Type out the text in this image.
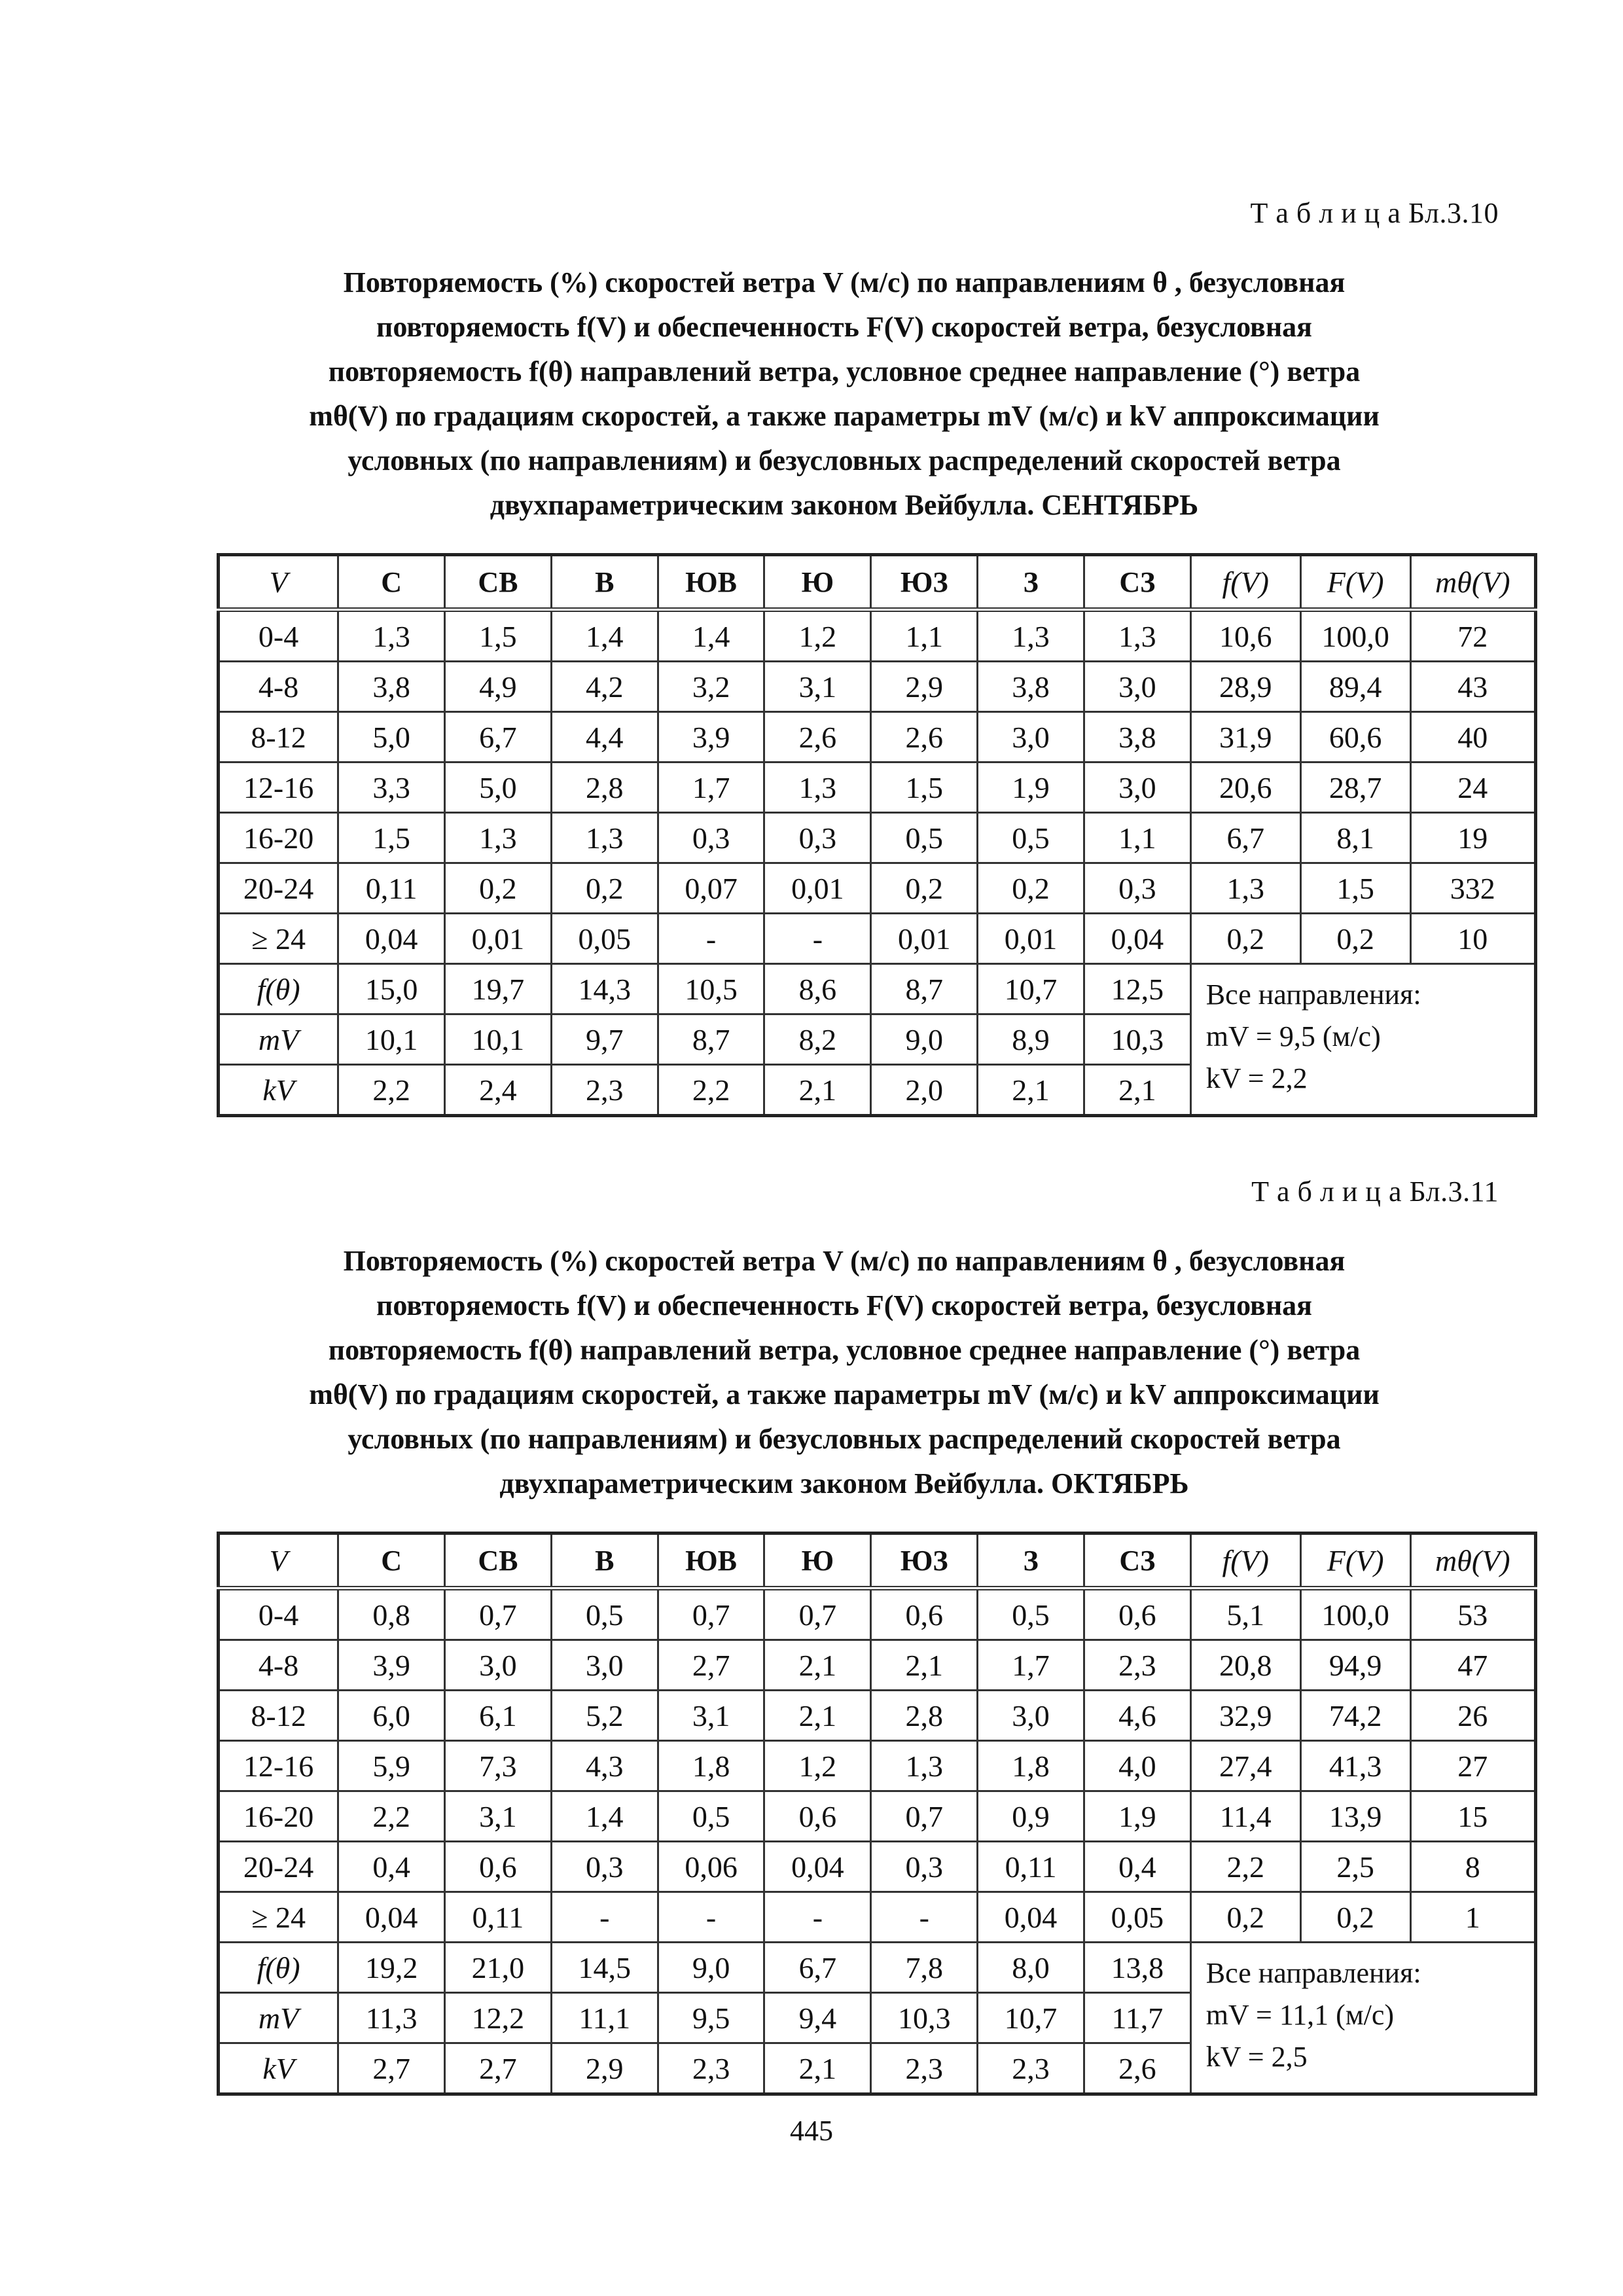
Т а б л и ц а Бл.3.10
Повторяемость (%) скоростей ветра V (м/с) по направлениям θ , безусловная
повторяемость f(V) и обеспеченность F(V) скоростей ветра, безусловная
повторяемость f(θ) направлений ветра, условное среднее направление (°) ветра
mθ(V) по градациям скоростей, а также параметры mV (м/с) и kV аппроксимации
условных (по направлениям) и безусловных распределений скоростей ветра
двухпараметрическим законом Вейбулла. СЕНТЯБРЬ
V	С	СВ	В	ЮВ	Ю	ЮЗ	З	СЗ	f(V)	F(V)	mθ(V)
0-4	1,3	1,5	1,4	1,4	1,2	1,1	1,3	1,3	10,6	100,0	72
4-8	3,8	4,9	4,2	3,2	3,1	2,9	3,8	3,0	28,9	89,4	43
8-12	5,0	6,7	4,4	3,9	2,6	2,6	3,0	3,8	31,9	60,6	40
12-16	3,3	5,0	2,8	1,7	1,3	1,5	1,9	3,0	20,6	28,7	24
16-20	1,5	1,3	1,3	0,3	0,3	0,5	0,5	1,1	6,7	8,1	19
20-24	0,11	0,2	0,2	0,07	0,01	0,2	0,2	0,3	1,3	1,5	332
≥ 24	0,04	0,01	0,05	-	-	0,01	0,01	0,04	0,2	0,2	10
f(θ)	15,0	19,7	14,3	10,5	8,6	8,7	10,7	12,5	Все направления:
mV = 9,5 (м/с)
kV = 2,2		

mV	10,1	10,1	9,7	8,7	8,2	9,0	8,9	10,3			
kV	2,2	2,4	2,3	2,2	2,1	2,0	2,1	2,1			
Т а б л и ц а Бл.3.11
Повторяемость (%) скоростей ветра V (м/с) по направлениям θ , безусловная
повторяемость f(V) и обеспеченность F(V) скоростей ветра, безусловная
повторяемость f(θ) направлений ветра, условное среднее направление (°) ветра
mθ(V) по градациям скоростей, а также параметры mV (м/с) и kV аппроксимации
условных (по направлениям) и безусловных распределений скоростей ветра
двухпараметрическим законом Вейбулла. ОКТЯБРЬ
V	С	СВ	В	ЮВ	Ю	ЮЗ	З	СЗ	f(V)	F(V)	mθ(V)
0-4	0,8	0,7	0,5	0,7	0,7	0,6	0,5	0,6	5,1	100,0	53
4-8	3,9	3,0	3,0	2,7	2,1	2,1	1,7	2,3	20,8	94,9	47
8-12	6,0	6,1	5,2	3,1	2,1	2,8	3,0	4,6	32,9	74,2	26
12-16	5,9	7,3	4,3	1,8	1,2	1,3	1,8	4,0	27,4	41,3	27
16-20	2,2	3,1	1,4	0,5	0,6	0,7	0,9	1,9	11,4	13,9	15
20-24	0,4	0,6	0,3	0,06	0,04	0,3	0,11	0,4	2,2	2,5	8
≥ 24	0,04	0,11	-	-	-	-	0,04	0,05	0,2	0,2	1
f(θ)	19,2	21,0	14,5	9,0	6,7	7,8	8,0	13,8	Все направления:
mV = 11,1 (м/с)
kV = 2,5		

mV	11,3	12,2	11,1	9,5	9,4	10,3	10,7	11,7			
kV	2,7	2,7	2,9	2,3	2,1	2,3	2,3	2,6			
445
